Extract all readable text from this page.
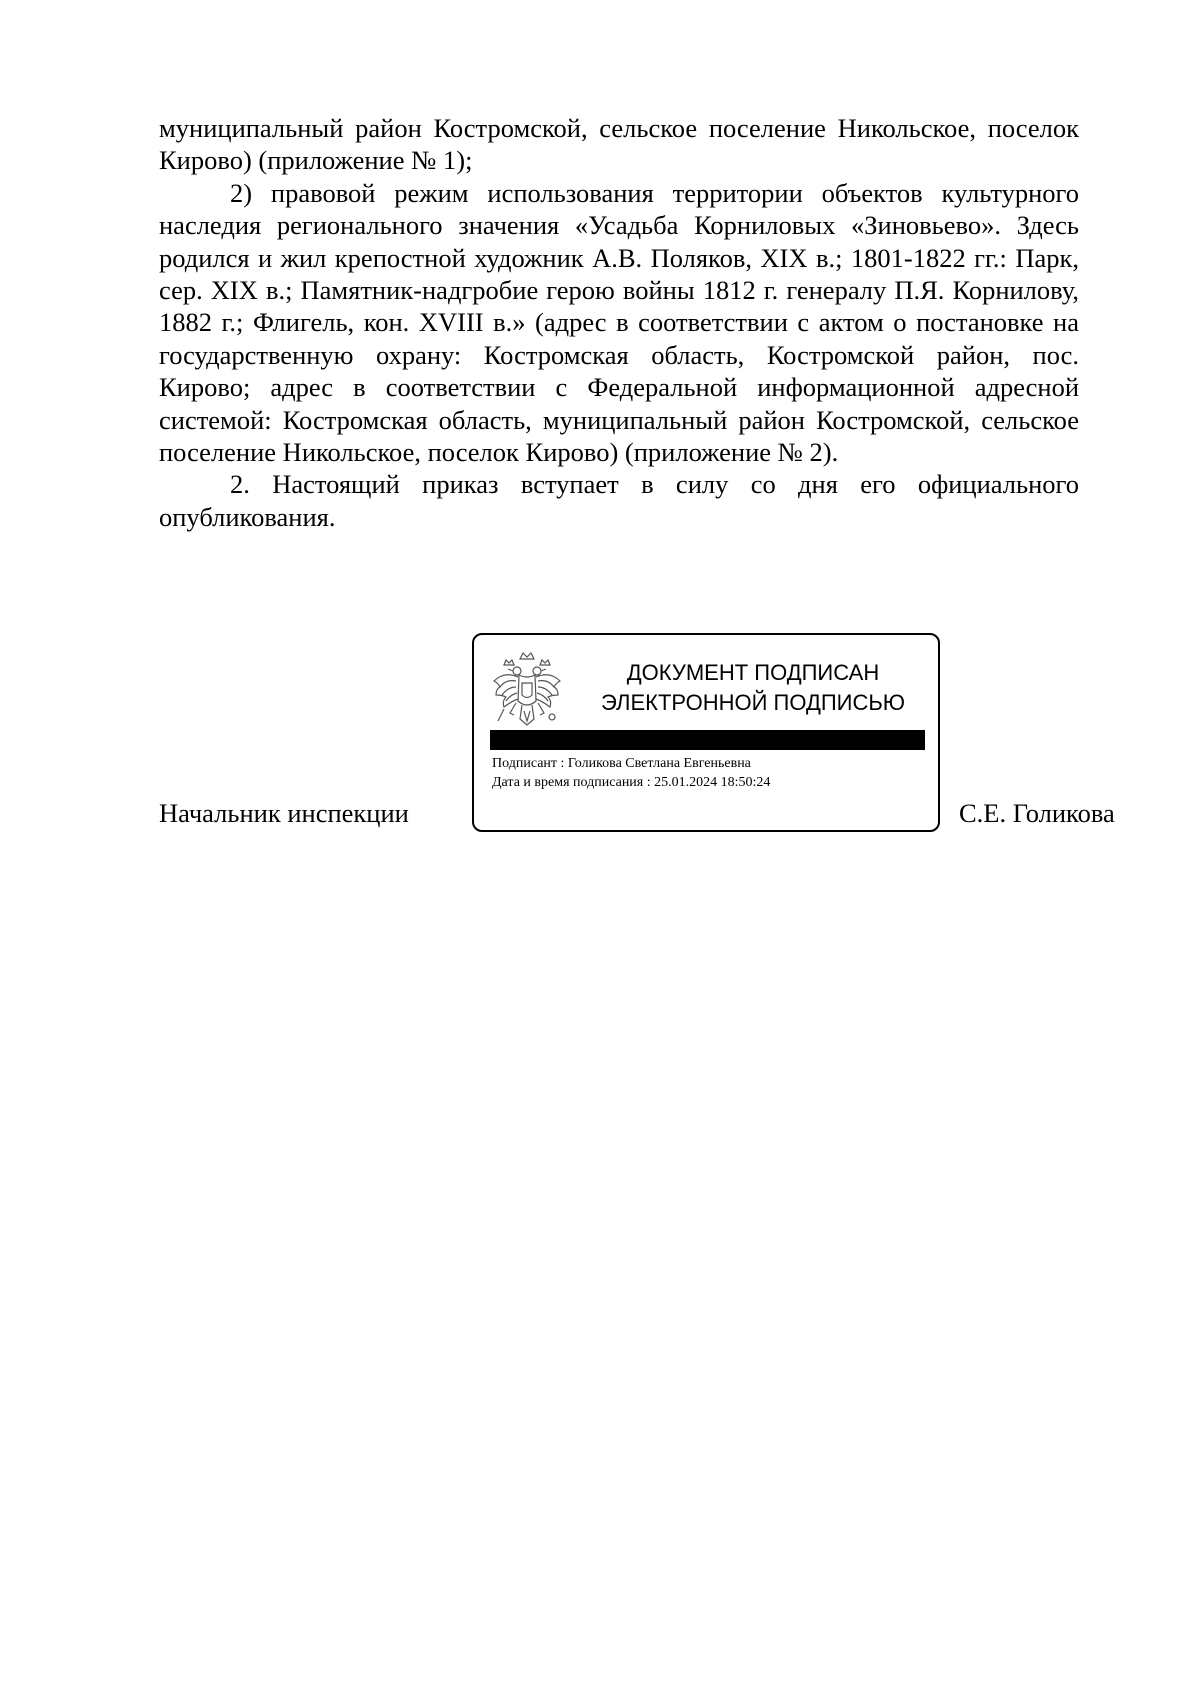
муниципальный район Костромской, сельское поселение Никольское, поселок Кирово) (приложение № 1);

2) правовой режим использования территории объектов культурного наследия регионального значения «Усадьба Корниловых «Зиновьево». Здесь родился и жил крепостной художник А.В. Поляков, XIX в.; 1801-1822 гг.: Парк, сер. XIX в.; Памятник-надгробие герою войны 1812 г. генералу П.Я. Корнилову, 1882 г.; Флигель, кон. XVIII в.» (адрес в соответствии с актом о постановке на государственную охрану: Костромская область, Костромской район, пос. Кирово; адрес в соответствии с Федеральной информационной адресной системой: Костромская область, муниципальный район Костромской, сельское поселение Никольское, поселок Кирово) (приложение № 2).

2. Настоящий приказ вступает в силу со дня его официального опубликования.

Начальник инспекции
ДОКУМЕНТ ПОДПИСАН
ЭЛЕКТРОННОЙ ПОДПИСЬЮ
Подписант : Голикова Светлана Евгеньевна
Дата и время подписания : 25.01.2024 18:50:24
С.Е. Голикова
